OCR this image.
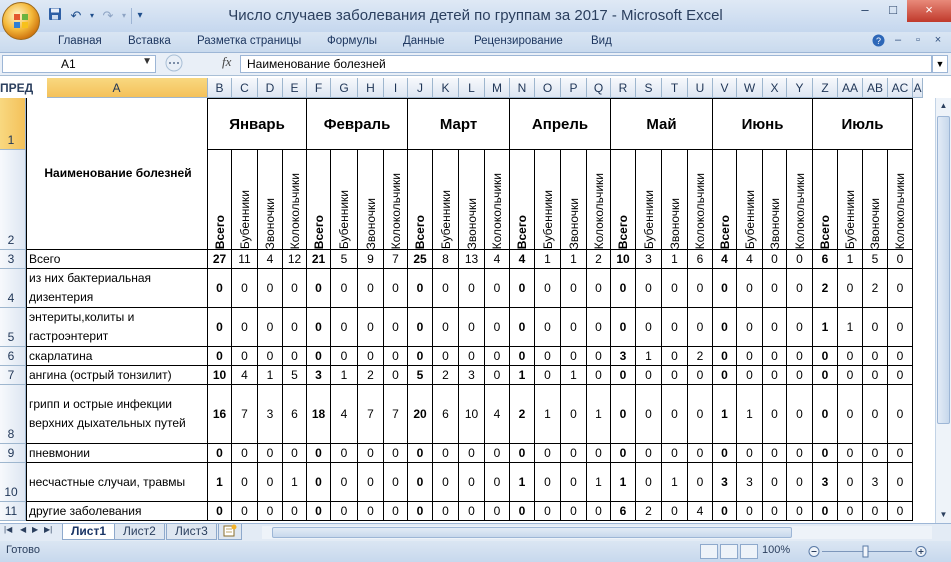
↶	▾ ↷	▾ ▾	Число случаев заболевания детей по группам за 2017 - Microsoft Excel	–	□	×
Главная Вставка Разметка страницы Формулы Данные	Рецензирование Вид	?	–	▫	×
A1	▼	fx Наименование болезней	▼
ПРЕД	A	B	C	D	E	F	G	H	I	J	K	L	M	N	O	P	Q	R	S	T	U	V	W	X	Y	Z	AA AB AC A
1
2
3
4
5
6
7
8
9
10
11
Наименование болезней
Январь
Всего Бубенники Звоночки Колокольчики
Февраль
Всего Бубенники Звоночки Колокольчики
Март
Всего Бубенники Звоночки Колокольчики
Апрель
Всего Бубенники Звоночки Колокольчики
Май
Всего Бубенники Звоночки Колокольчики
Июнь
Всего Бубенники Звоночки Колокольчики
Июль
Всего Бубенники Звоночки Колокольчики
Всего	27	11	4	12 21	5	9	7	25	8	13	4	4	1	1	2	10	3	1	6	4	4	0	0	6	1	5	0
из них бактериальная дизентерия
0	0	0	0	0	0	0	0	0	0	0	0	0	0	0	0	0	0	0	0	0	0	0	0	2	0	2	0
энтериты,колиты и гастроэнтерит
0	0	0	0	0	0	0	0	0	0	0	0	0	0	0	0	0	0	0	0	0	0	0	0	1	1	0	0
скарлатина	0	0	0	0	0	0	0	0	0	0	0	0	0	0	0	0	3	1	0	2	0	0	0	0	0	0	0	0
ангина (острый тонзилит)	10	4	1	5	3	1	2	0	5	2	3	0	1	0	1	0	0	0	0	0	0	0	0	0	0	0	0	0
грипп и острые инфекции верхних дыхательных путей
16	7	3	6	18	4	7	7	20	6	10	4	2	1	0	1	0	0	0	0	1	1	0	0	0	0	0	0
пневмонии	0	0	0	0	0	0	0	0	0	0	0	0	0	0	0	0	0	0	0	0	0	0	0	0	0	0	0	0
несчастные случаи, травмы	1	0	0	1	0	0	0	0	0	0	0	0	1	0	0	1	1	0	1	0	3	3	0	0	3	0	3	0
другие заболевания	0	0	0	0	0	0	0	0	0	0	0	0	0	0	0	0	6	2	0	4	0	0	0	0	0	0	0	0
▲
▼
|◀ ◀ ▶ ▶|	Лист1	Лист2	Лист3
Готово	100%
